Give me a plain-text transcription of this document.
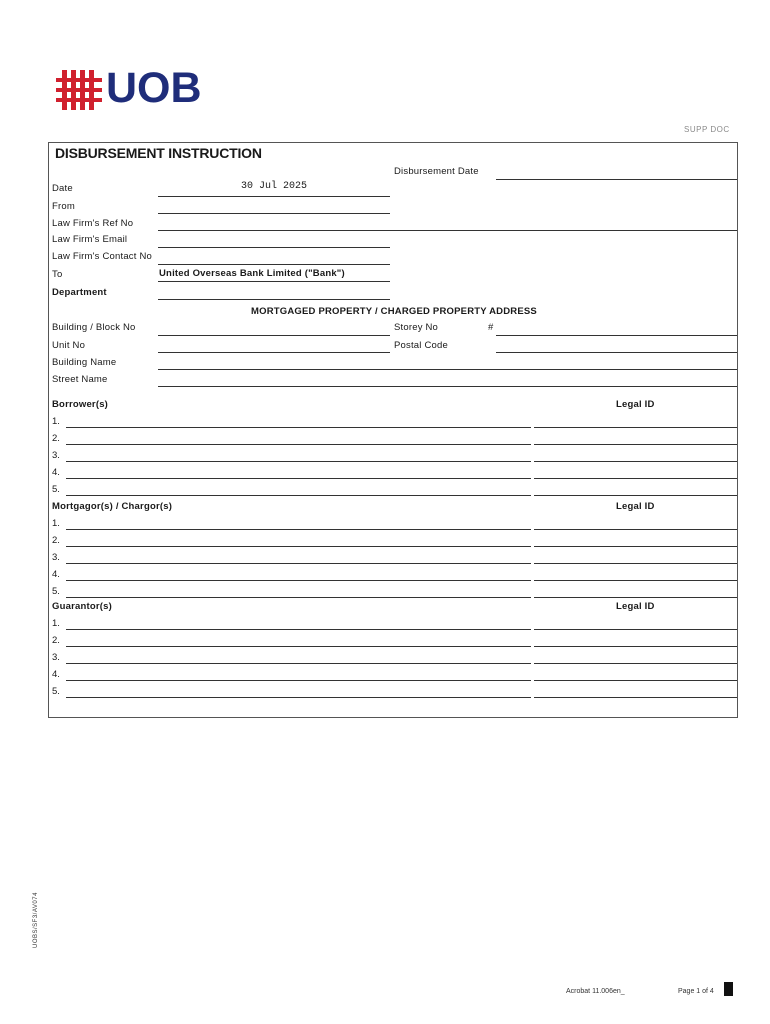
UOB
SUPP DOC
DISBURSEMENT INSTRUCTION
Disbursement Date
Date	30 Jul 2025
From
Law Firm's Ref No
Law Firm's Email
Law Firm's Contact No
To	United Overseas Bank Limited ("Bank")
Department
MORTGAGED PROPERTY / CHARGED PROPERTY ADDRESS
Building / Block No	Storey No	#
Unit No	Postal Code
Building Name
Street Name
Borrower(s)	Legal ID
1.
2.
3.
4.
5.
Mortgagor(s) / Chargor(s)	Legal ID
1.
2.
3.
4.
5.
Guarantor(s)	Legal ID
1.
2.
3.
4.
5.
UOBS/SF3/AV074
Acrobat 11.006en_	Page 1 of 4
